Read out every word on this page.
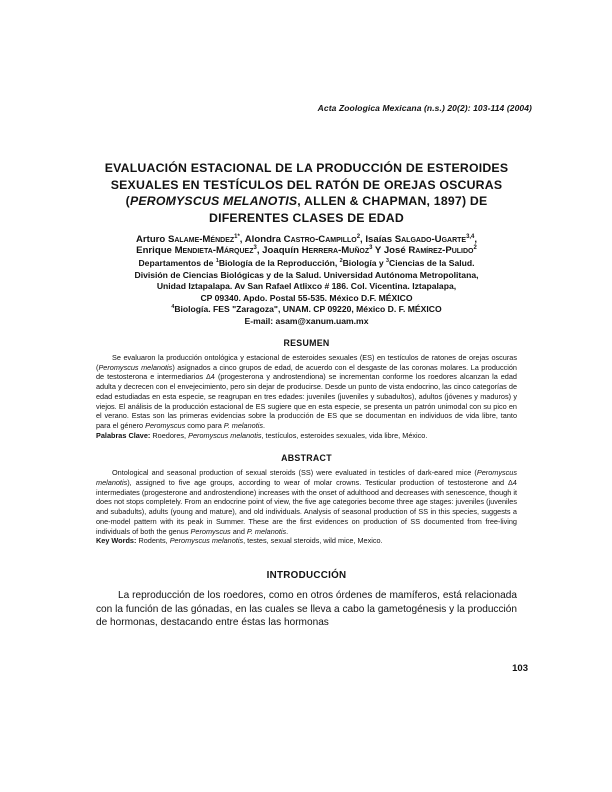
Acta Zoologica Mexicana (n.s.) 20(2): 103-114 (2004)
EVALUACIÓN ESTACIONAL DE LA PRODUCCIÓN DE ESTEROIDES SEXUALES EN TESTÍCULOS DEL RATÓN DE OREJAS OSCURAS (PEROMYSCUS MELANOTIS, ALLEN & CHAPMAN, 1897) DE DIFERENTES CLASES DE EDAD
Arturo Salame-Méndez$^{1*}$, Alondra Castro-Campillo$^2$, Isaías Salgado-Ugarte$^{3,4}$,
Enrique Mendieta-Márquez$^3$, Joaquín Herrera-Muñoz$^3$ Y José Ramírez-Pulido$^2$
Departamentos de $^1$Biología de la Reproducción, $^2$Biología y $^3$Ciencias de la Salud.
División de Ciencias Biológicas y de la Salud. Universidad Autónoma Metropolitana,
Unidad Iztapalapa. Av San Rafael Atlixco # 186. Col. Vicentina. Iztapalapa,
CP 09340. Apdo. Postal 55-535. México D.F. MÉXICO
$^4$Biología. FES "Zaragoza", UNAM. CP 09220, México D. F. MÉXICO
E-mail: asam@xanum.uam.mx
RESUMEN

Se evaluaron la producción ontológica y estacional de esteroides sexuales (ES) en testículos de ratones de orejas oscuras (Peromyscus melanotis) asignados a cinco grupos de edad, de acuerdo con el desgaste de las coronas molares. La producción de testosterona e intermediarios Δ4 (progesterona y androstendiona) se incrementan conforme los roedores alcanzan la edad adulta y decrecen con el envejecimiento, pero sin dejar de producirse. Desde un punto de vista endocrino, las cinco categorías de edad estudiadas en esta especie, se reagrupan en tres edades: juveniles (juveniles y subadultos), adultos (jóvenes y maduros) y viejos. El análisis de la producción estacional de ES sugiere que en esta especie, se presenta un patrón unimodal con su pico en el verano. Estas son las primeras evidencias sobre la producción de ES que se documentan en individuos de vida libre, tanto para el género Peromyscus como para P. melanotis.

Palabras Clave: Roedores, Peromyscus melanotis, testículos, esteroides sexuales, vida libre, México.

ABSTRACT

Ontological and seasonal production of sexual steroids (SS) were evaluated in testicles of dark-eared mice (Peromyscus melanotis), assigned to five age groups, according to wear of molar crowns. Testicular production of testosterone and Δ4 intermediates (progesterone and androstendione) increases with the onset of adulthood and decreases with senescence, though it does not stops completely. From an endocrine point of view, the five age categories become three age stages: juveniles (juveniles and subadults), adults (young and mature), and old individuals. Analysis of seasonal production of SS in this species, suggests a one-model pattern with its peak in Summer. These are the first evidences on production of SS documented from free-living individuals of both the genus Peromyscus and P. melanotis.

Key Words: Rodents, Peromyscus melanotis, testes, sexual steroids, wild mice, Mexico.

INTRODUCCIÓN

La reproducción de los roedores, como en otros órdenes de mamíferos, está relacionada con la función de las gónadas, en las cuales se lleva a cabo la gametogénesis y la producción de hormonas, destacando entre éstas las hormonas

103
